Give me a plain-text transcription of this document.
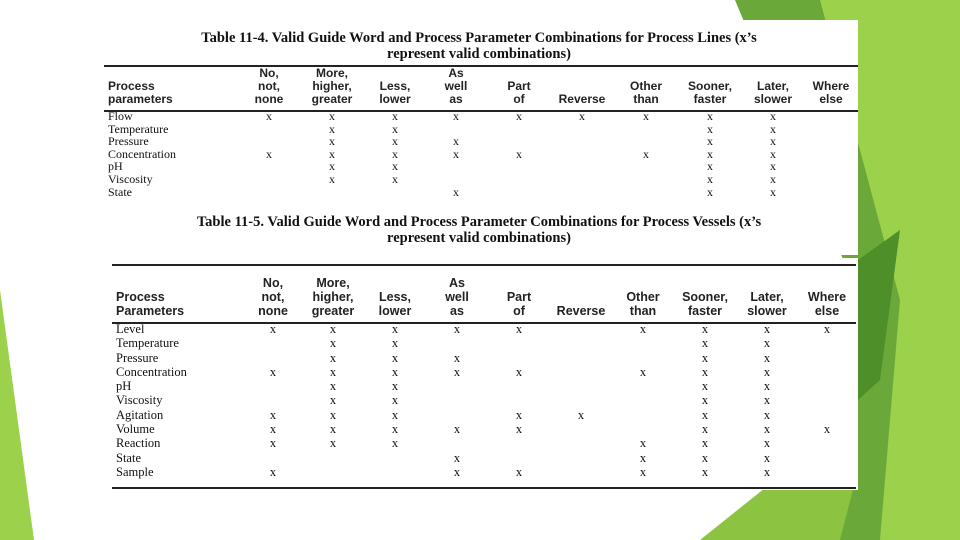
Table 11-4. Valid Guide Word and Process Parameter Combinations for Process Lines (x’s
represent valid combinations)
Process
parameters	No,
not,
none	More,
higher,
greater	Less,
lower	As
well
as	Part
of	Reverse	Other
than	Sooner,
faster	Later,
slower	Where
else
Flow	x	x	x	x	x	x	x	x	x	
Temperature		x	x					x	x	
Pressure		x	x	x				x	x	
Concentration	x	x	x	x	x		x	x	x	
pH		x	x					x	x	
Viscosity		x	x					x	x	
State				x				x	x	
Table 11-5. Valid Guide Word and Process Parameter Combinations for Process Vessels (x’s
represent valid combinations)
Process
Parameters	No,
not,
none	More,
higher,
greater	Less,
lower	As
well
as	Part
of	Reverse	Other
than	Sooner,
faster	Later,
slower	Where
else
Level	x	x	x	x	x		x	x	x	x
Temperature		x	x					x	x	
Pressure		x	x	x				x	x	
Concentration	x	x	x	x	x		x	x	x	
pH		x	x					x	x	
Viscosity		x	x					x	x	
Agitation	x	x	x		x	x		x	x	
Volume	x	x	x	x	x			x	x	x
Reaction	x	x	x				x	x	x	
State				x			x	x	x	
Sample	x			x	x		x	x	x	
